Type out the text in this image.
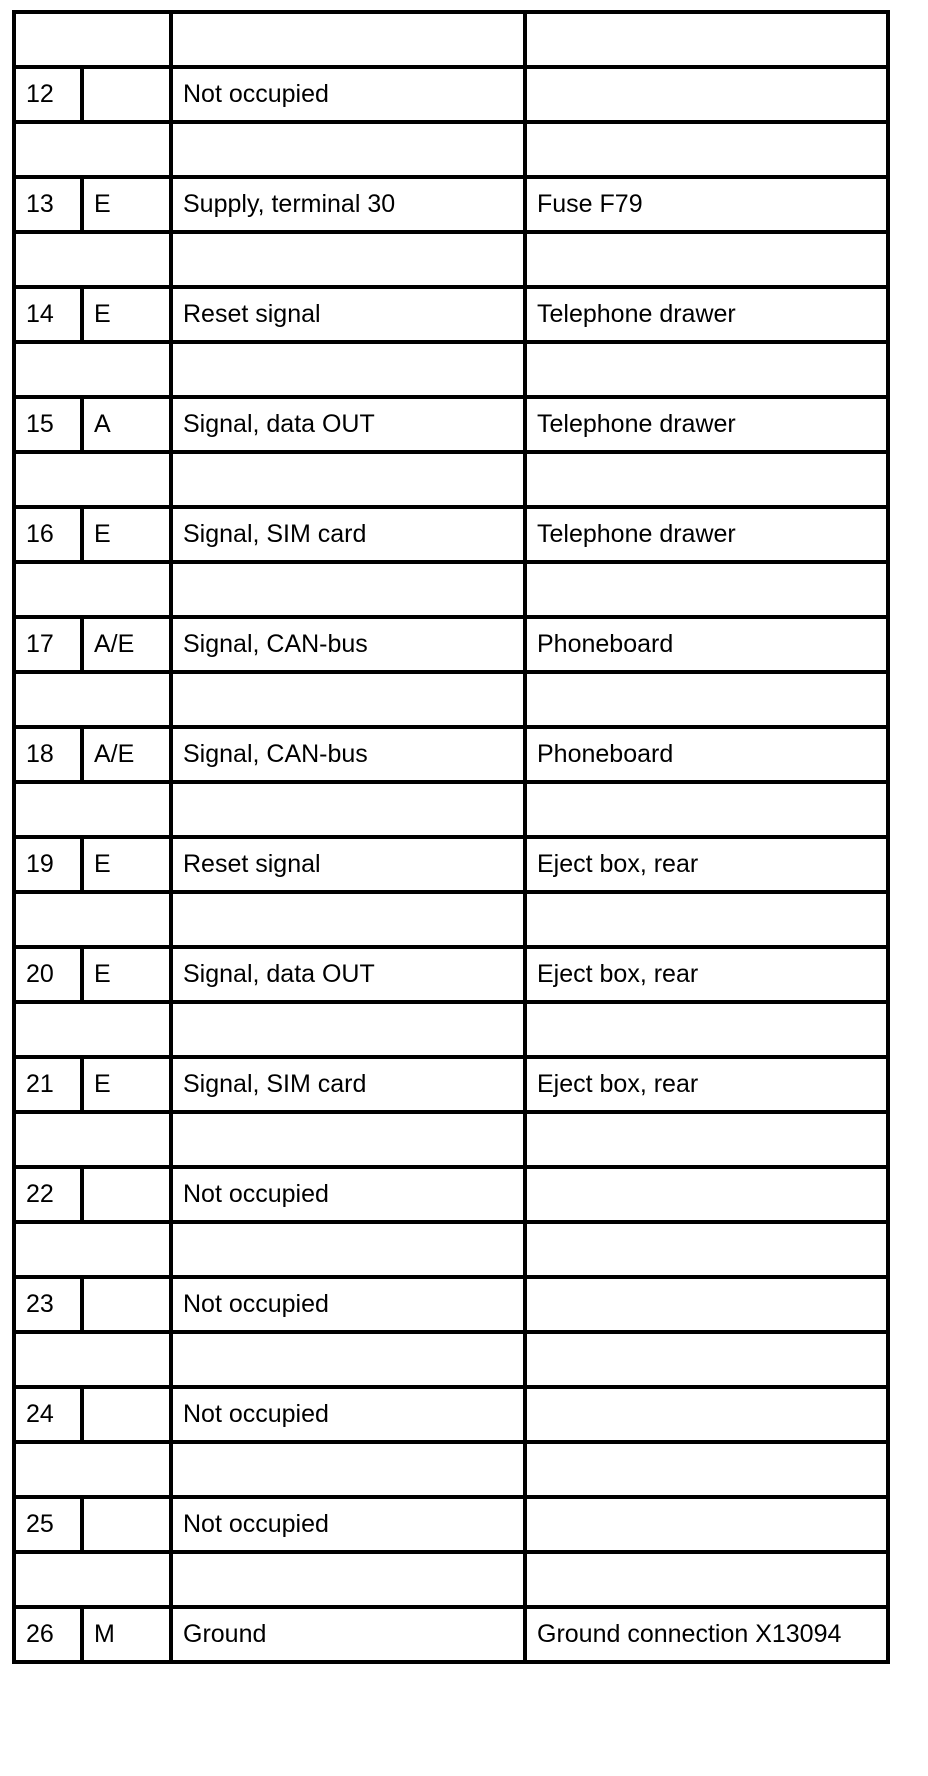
12		Not occupied	

13	E	Supply, terminal 30	Fuse F79

14	E	Reset signal	Telephone drawer

15	A	Signal, data OUT	Telephone drawer

16	E	Signal, SIM card	Telephone drawer

17	A/E	Signal, CAN-bus	Phoneboard

18	A/E	Signal, CAN-bus	Phoneboard

19	E	Reset signal	Eject box, rear

20	E	Signal, data OUT	Eject box, rear

21	E	Signal, SIM card	Eject box, rear

22		Not occupied	

23		Not occupied	

24		Not occupied	

25		Not occupied	

26	M	Ground	Ground connection X13094
